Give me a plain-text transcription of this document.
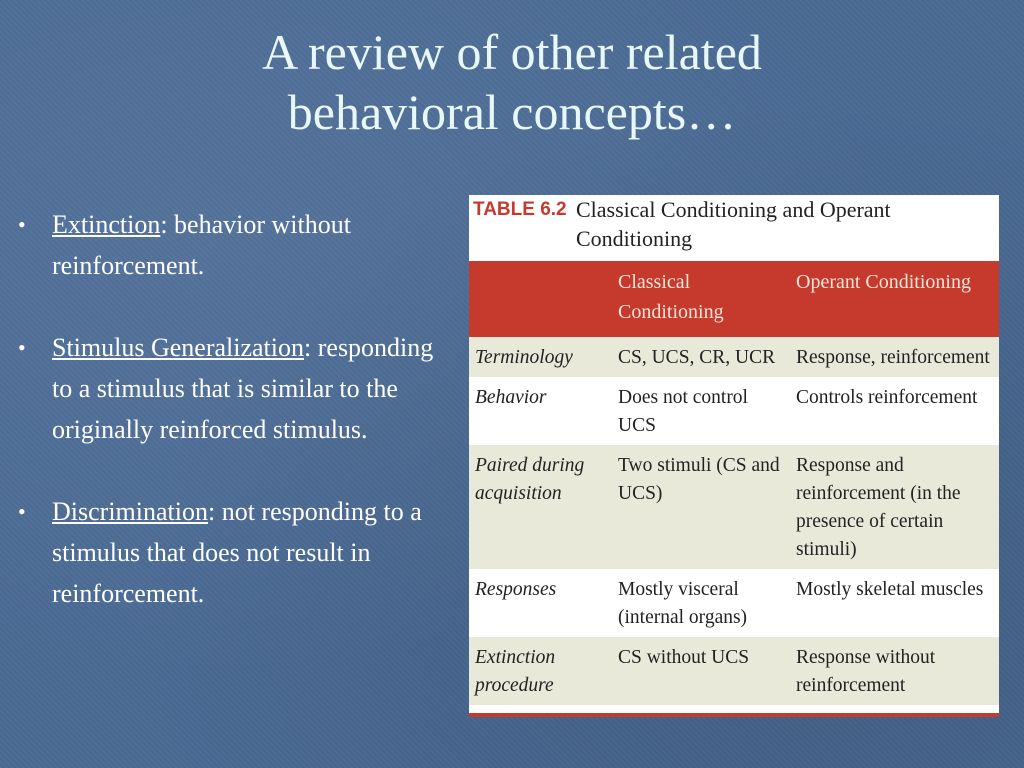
A review of other related
behavioral concepts…
• Extinction: behavior without reinforcement.
• Stimulus Generalization: responding to a stimulus that is similar to the originally reinforced stimulus.
• Discrimination: not responding to a stimulus that does not result in reinforcement.
TABLE 6.2 Classical Conditioning and Operant Conditioning
	Classical Conditioning	Operant Conditioning
Terminology	CS, UCS, CR, UCR	Response, reinforcement
Behavior	Does not control UCS	Controls reinforcement
Paired during acquisition	Two stimuli (CS and UCS)	Response and reinforcement (in the presence of certain stimuli)
Responses	Mostly visceral (internal organs)	Mostly skeletal muscles
Extinction procedure	CS without UCS	Response without reinforcement
